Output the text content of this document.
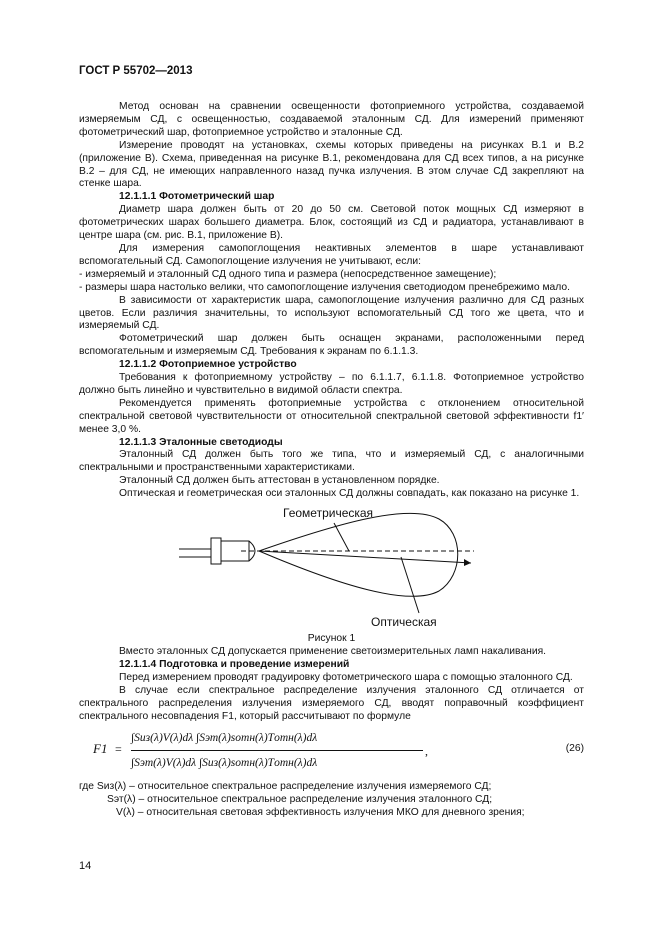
ГОСТ Р 55702—2013

Метод основан на сравнении освещенности фотоприемного устройства, создаваемой измеряемым СД, с освещенностью, создаваемой эталонным СД. Для измерений применяют фотометрический шар, фотоприемное устройство и эталонные СД.

Измерение проводят на установках, схемы которых приведены на рисунках В.1 и В.2 (приложение В). Схема, приведенная на рисунке В.1, рекомендована для СД всех типов, а на рисунке В.2 – для СД, не имеющих направленного назад пучка излучения. В этом случае СД закрепляют на стенке шара.

12.1.1.1 Фотометрический шар

Диаметр шара должен быть от 20 до 50 см. Световой поток мощных СД измеряют в фотометрических шарах большего диаметра. Блок, состоящий из СД и радиатора, устанавливают в центре шара (см. рис. В.1, приложение В).

Для измерения самопоглощения неактивных элементов в шаре устанавливают вспомогательный СД. Самопоглощение излучения не учитывают, если:

- измеряемый и эталонный СД одного типа и размера (непосредственное замещение);

- размеры шара настолько велики, что самопоглощение излучения светодиодом пренебрежимо мало.

В зависимости от характеристик шара, самопоглощение излучения различно для СД разных цветов. Если различия значительны, то используют вспомогательный СД того же цвета, что и измеряемый СД.

Фотометрический шар должен быть оснащен экранами, расположенными перед вспомогательным и измеряемым СД. Требования к экранам по 6.1.1.3.

12.1.1.2 Фотоприемное устройство

Требования к фотоприемному устройству – по 6.1.1.7, 6.1.1.8. Фотоприемное устройство должно быть линейно и чувствительно в видимой области спектра.

Рекомендуется применять фотоприемные устройства с отклонением относительной спектральной световой чувствительности от относительной спектральной световой эффективности f1′ менее 3,0 %.

12.1.1.3 Эталонные светодиоды

Эталонный СД должен быть того же типа, что и измеряемый СД, с аналогичными спектральными и пространственными характеристиками.

Эталонный СД должен быть аттестован в установленном порядке.

Оптическая и геометрическая оси эталонных СД должны совпадать, как показано на рисунке 1.

Геометрическая
Оптическая

Рисунок 1

Вместо эталонных СД допускается применение светоизмерительных ламп накаливания.

12.1.1.4 Подготовка и проведение измерений

Перед измерением проводят градуировку фотометрического шара с помощью эталонного СД.

В случае если спектральное распределение излучения эталонного СД отличается от спектрального распределения излучения измеряемого СД, вводят поправочный коэффициент спектрального несовпадения F1, который рассчитывают по формуле

F1 =
∫Sиз(λ)V(λ)dλ ∫Sэт(λ)sотн(λ)Tотн(λ)dλ
∫Sэт(λ)V(λ)dλ ∫Sиз(λ)sотн(λ)Tотн(λ)dλ
,	(26)

где Sиз(λ) – относительное спектральное распределение излучения измеряемого СД;

Sэт(λ) – относительное спектральное распределение излучения эталонного СД;

V(λ) – относительная световая эффективность излучения МКО для дневного зрения;

14
